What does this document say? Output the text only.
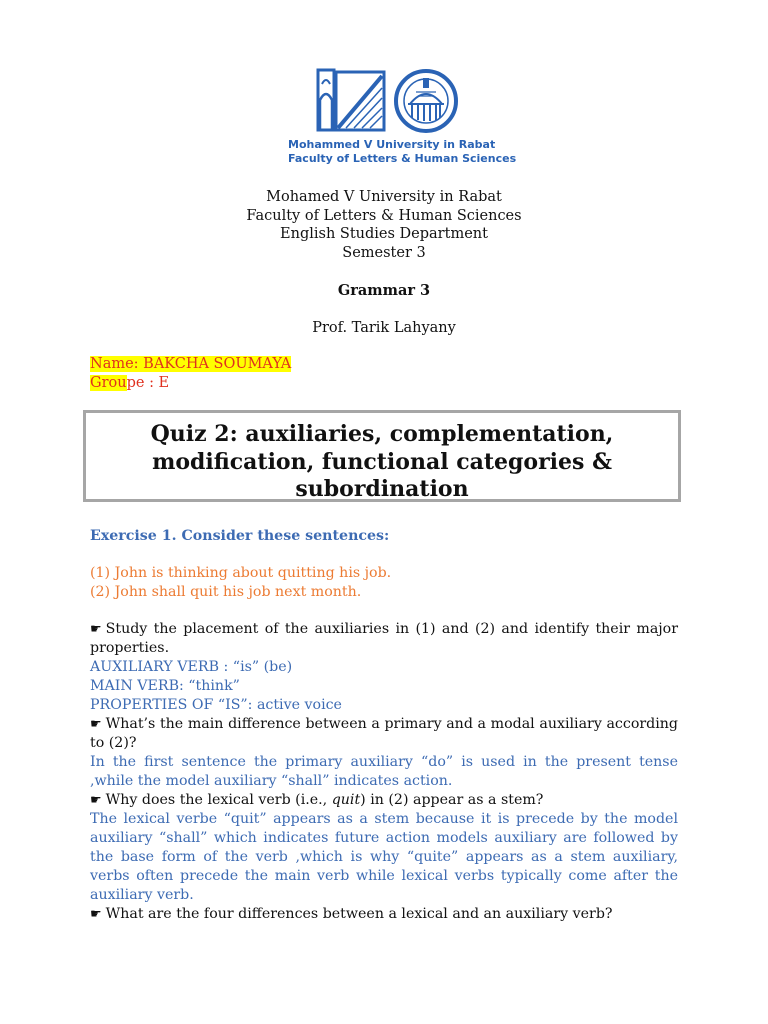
Mohammed V University in Rabat
Faculty of Letters & Human Sciences
Mohamed V University in Rabat
Faculty of Letters & Human Sciences
English Studies Department
Semester 3
Grammar 3
Prof. Tarik Lahyany
Name: BAKCHA SOUMAYA
Groupe : E
Quiz 2: auxiliaries, complementation,
modification, functional categories &
subordination
Exercise 1. Consider these sentences:
(1) John is thinking about quitting his job.
(2) John shall quit his job next month.
☛ Study the placement of the auxiliaries in (1) and (2) and identify their major properties.
AUXILIARY VERB : “is” (be)
MAIN VERB: “think”
PROPERTIES OF “IS”: active voice
☛ What’s the main difference between a primary and a modal auxiliary according to (2)?
In the first sentence the primary auxiliary “do” is used in the present tense ,while the model auxiliary “shall” indicates action.
☛ Why does the lexical verb (i.e., quit) in (2) appear as a stem?
The lexical verbe “quit” appears as a stem because it is precede by the model auxiliary “shall” which indicates future action models auxiliary are followed by the base form of the verb ,which is why “quite” appears as a stem auxiliary, verbs often precede the main verb while lexical verbs typically come after the auxiliary verb.
☛ What are the four differences between a lexical and an auxiliary verb?
